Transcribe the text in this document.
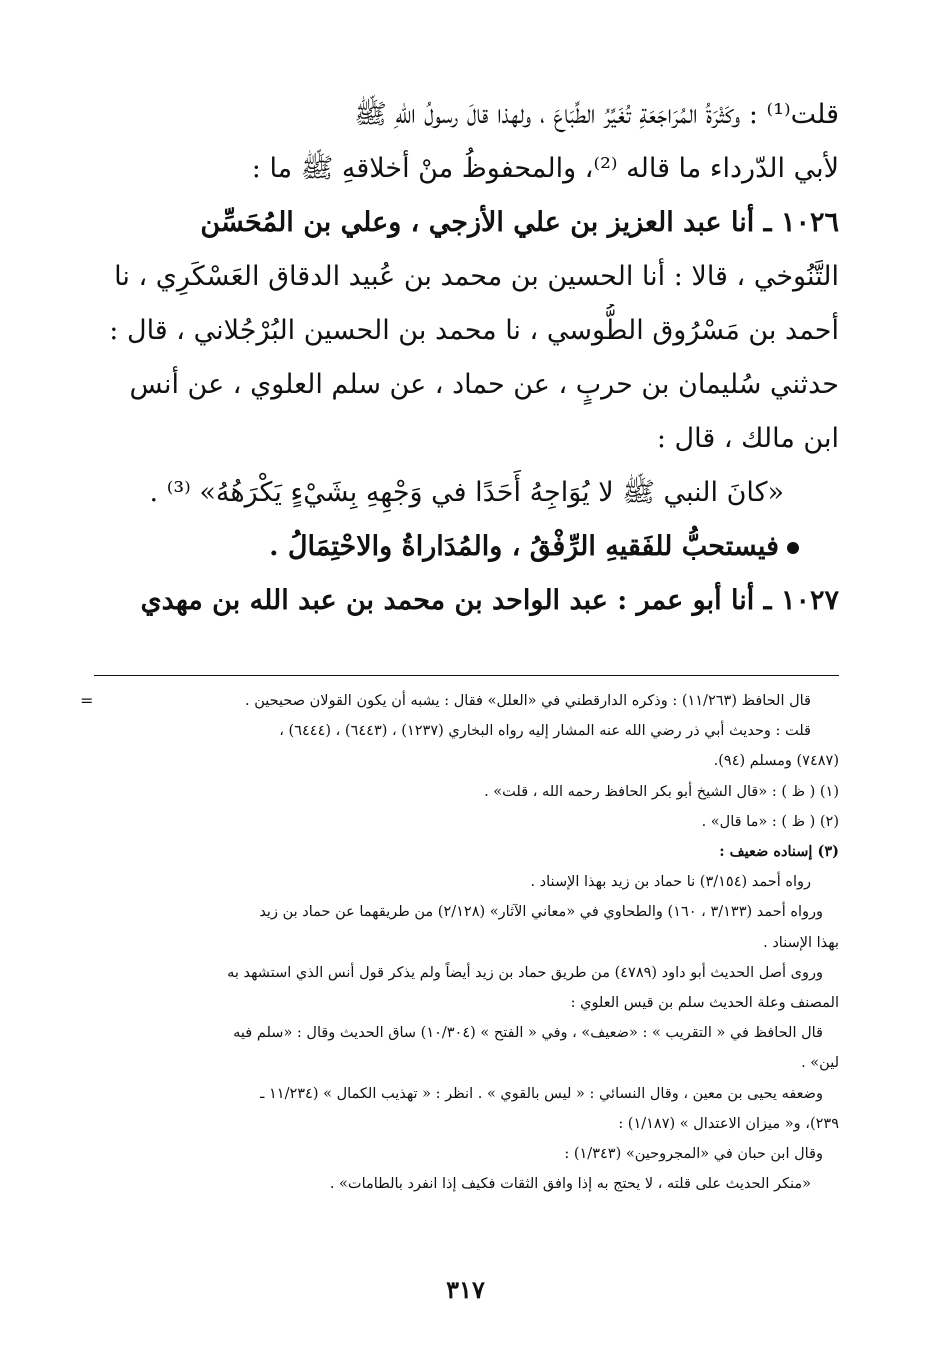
قلت⁽¹⁾ : وكَثْرَةُ المُرَاجَعَةِ تُغَيِّرُ الطِّبَاعَ ، ولهذا قالَ رسولُ اللهِ ﷺ
لأبي الدّرداء ما قاله ⁽²⁾، والمحفوظُ منْ أخلاقهِ ﷺ ما :
١٠٢٦ ـ أنا عبد العزيز بن علي الأزجي ، وعلي بن المُحَسِّن
التَّنُوخي ، قالا : أنا الحسين بن محمد بن عُبيد الدقاق العَسْكَرِي ، نا
أحمد بن مَسْرُوق الطُّوسي ، نا محمد بن الحسين البُرْجُلاني ، قال :
حدثني سُليمان بن حربٍ ، عن حماد ، عن سلم العلوي ، عن أنس
ابن مالك ، قال :
«كانَ النبي ﷺ لا يُوَاجِهُ أَحَدًا في وَجْهِهِ بِشَيْءٍ يَكْرَهُهُ» ⁽³⁾ .
فيستحبُّ للفَقيهِ الرِّفْقُ ، والمُدَاراةُ والاحْتِمَالُ .
١٠٢٧ ـ أنا أبو عمر : عبد الواحد بن محمد بن عبد الله بن مهدي
=	قال الحافظ (١١/٢٦٣) : وذكره الدارقطني في «العلل» فقال : يشبه أن يكون القولان صحيحين .
قلت : وحديث أبي ذر رضي الله عنه المشار إليه رواه البخاري (١٢٣٧) ، (٦٤٤٣) ، (٦٤٤٤) ،
(٧٤٨٧) ومسلم (٩٤).
(١) ( ظ ) : «قال الشيخ أبو بكر الحافظ رحمه الله ، قلت» .
(٢) ( ظ ) : «ما قال» .
(٣) إسناده ضعيف :
رواه أحمد (٣/١٥٤) نا حماد بن زيد بهذا الإسناد .
ورواه أحمد (٣/١٣٣ ، ١٦٠) والطحاوي في «معاني الآثار» (٢/١٢٨) من طريقهما عن حماد بن زيد
بهذا الإسناد .
وروى أصل الحديث أبو داود (٤٧٨٩) من طريق حماد بن زيد أيضاً ولم يذكر قول أنس الذي استشهد به
المصنف وعلة الحديث سلم بن قيس العلوي :
قال الحافظ في « التقريب » : «ضعيف» ، وفي « الفتح » (١٠/٣٠٤) ساق الحديث وقال : «سلم فيه
لين» .
وضعفه يحيى بن معين ، وقال النسائي : « ليس بالقوي » . انظر : « تهذيب الكمال » (١١/٢٣٤ ـ
٢٣٩)، و« ميزان الاعتدال » (١/١٨٧) :
وقال ابن حبان في «المجروحين» (١/٣٤٣) :
«منكر الحديث على قلته ، لا يحتج به إذا وافق الثقات فكيف إذا انفرد بالطامات» .
٣١٧
